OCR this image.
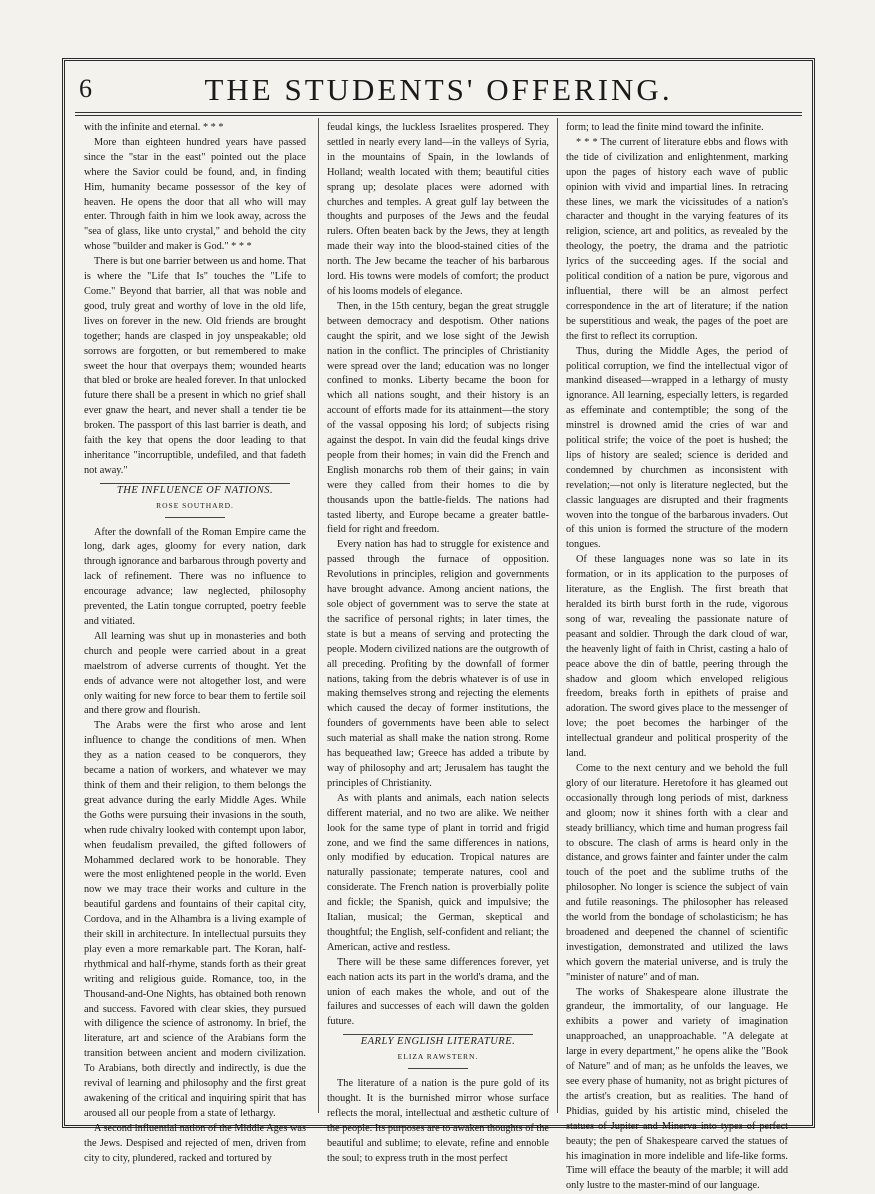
6	THE STUDENTS' OFFERING.

with the infinite and eternal. * * *

More than eighteen hundred years have passed since the "star in the east" pointed out the place where the Savior could be found, and, in finding Him, humanity became possessor of the key of heaven. He opens the door that all who will may enter. Through faith in him we look away, across the "sea of glass, like unto crystal," and behold the city whose "builder and maker is God." * * *

There is but one barrier between us and home. That is where the "Life that Is" touches the "Life to Come." Beyond that barrier, all that was noble and good, truly great and worthy of love in the old life, lives on forever in the new. Old friends are brought together; hands are clasped in joy unspeakable; old sorrows are forgotten, or but remembered to make sweet the hour that overpays them; wounded hearts that bled or broke are healed forever. In that unlocked future there shall be a present in which no grief shall ever gnaw the heart, and never shall a tender tie be broken. The passport of this last barrier is death, and faith the key that opens the door leading to that inheritance "incorruptible, undefiled, and that fadeth not away."

THE INFLUENCE OF NATIONS.

ROSE SOUTHARD.

After the downfall of the Roman Empire came the long, dark ages, gloomy for every nation, dark through ignorance and barbarous through poverty and lack of refinement. There was no influence to encourage advance; law neglected, philosophy prevented, the Latin tongue corrupted, poetry feeble and vitiated.

All learning was shut up in monasteries and both church and people were carried about in a great maelstrom of adverse currents of thought. Yet the ends of advance were not altogether lost, and were only waiting for new force to bear them to fertile soil and there grow and flourish.

The Arabs were the first who arose and lent influence to change the conditions of men. When they as a nation ceased to be conquerors, they became a nation of workers, and whatever we may think of them and their religion, to them belongs the great advance during the early Middle Ages. While the Goths were pursuing their invasions in the south, when rude chivalry looked with contempt upon labor, when feudalism prevailed, the gifted followers of Mohammed declared work to be honorable. They were the most enlightened people in the world. Even now we may trace their works and culture in the beautiful gardens and fountains of their capital city, Cordova, and in the Alhambra is a living example of their skill in architecture. In intellectual pursuits they play even a more remarkable part. The Koran, half-rhythmical and half-rhyme, stands forth as their great writing and religious guide. Romance, too, in the Thousand-and-One Nights, has obtained both renown and success. Favored with clear skies, they pursued with diligence the science of astronomy. In brief, the literature, art and science of the Arabians form the transition between ancient and modern civilization. To Arabians, both directly and indirectly, is due the revival of learning and philosophy and the first great awakening of the critical and inquiring spirit that has aroused all our people from a state of lethargy.

A second influential nation of the Middle Ages was the Jews. Despised and rejected of men, driven from city to city, plundered, racked and tortured by

feudal kings, the luckless Israelites prospered. They settled in nearly every land—in the valleys of Syria, in the mountains of Spain, in the lowlands of Holland; wealth located with them; beautiful cities sprang up; desolate places were adorned with churches and temples. A great gulf lay between the thoughts and purposes of the Jews and the feudal rulers. Often beaten back by the Jews, they at length made their way into the blood-stained cities of the north. The Jew became the teacher of his barbarous lord. His towns were models of comfort; the product of his looms models of elegance.

Then, in the 15th century, began the great struggle between democracy and despotism. Other nations caught the spirit, and we lose sight of the Jewish nation in the conflict. The principles of Christianity were spread over the land; education was no longer confined to monks. Liberty became the boon for which all nations sought, and their history is an account of efforts made for its attainment—the story of the vassal opposing his lord; of subjects rising against the despot. In vain did the feudal kings drive people from their homes; in vain did the French and English monarchs rob them of their gains; in vain were they called from their homes to die by thousands upon the battle-fields. The nations had tasted liberty, and Europe became a greater battle-field for right and freedom.

Every nation has had to struggle for existence and passed through the furnace of opposition. Revolutions in principles, religion and governments have brought advance. Among ancient nations, the sole object of government was to serve the state at the sacrifice of personal rights; in later times, the state is but a means of serving and protecting the people. Modern civilized nations are the outgrowth of all preceding. Profiting by the downfall of former nations, taking from the debris whatever is of use in making themselves strong and rejecting the elements which caused the decay of former institutions, the founders of governments have been able to select such material as shall make the nation strong. Rome has bequeathed law; Greece has added a tribute by way of philosophy and art; Jerusalem has taught the principles of Christianity.

As with plants and animals, each nation selects different material, and no two are alike. We neither look for the same type of plant in torrid and frigid zone, and we find the same differences in nations, only modified by education. Tropical natures are naturally passionate; temperate natures, cool and considerate. The French nation is proverbially polite and fickle; the Spanish, quick and impulsive; the Italian, musical; the German, skeptical and thoughtful; the English, self-confident and reliant; the American, active and restless.

There will be these same differences forever, yet each nation acts its part in the world's drama, and the union of each makes the whole, and out of the failures and successes of each will dawn the golden future.

EARLY ENGLISH LITERATURE.

ELIZA RAWSTERN.

The literature of a nation is the pure gold of its thought. It is the burnished mirror whose surface reflects the moral, intellectual and æsthetic culture of the people. Its purposes are to awaken thoughts of the beautiful and sublime; to elevate, refine and ennoble the soul; to express truth in the most perfect

form; to lead the finite mind toward the infinite.

* * * The current of literature ebbs and flows with the tide of civilization and enlightenment, marking upon the pages of history each wave of public opinion with vivid and impartial lines. In retracing these lines, we mark the vicissitudes of a nation's character and thought in the varying features of its religion, science, art and politics, as revealed by the theology, the poetry, the drama and the patriotic lyrics of the succeeding ages. If the social and political condition of a nation be pure, vigorous and influential, there will be an almost perfect correspondence in the art of literature; if the nation be superstitious and weak, the pages of the poet are the first to reflect its corruption.

Thus, during the Middle Ages, the period of political corruption, we find the intellectual vigor of mankind diseased—wrapped in a lethargy of musty ignorance. All learning, especially letters, is regarded as effeminate and contemptible; the song of the minstrel is drowned amid the cries of war and political strife; the voice of the poet is hushed; the lips of history are sealed; science is derided and condemned by churchmen as inconsistent with revelation;—not only is literature neglected, but the classic languages are disrupted and their fragments woven into the tongue of the barbarous invaders. Out of this union is formed the structure of the modern tongues.

Of these languages none was so late in its formation, or in its application to the purposes of literature, as the English. The first breath that heralded its birth burst forth in the rude, vigorous song of war, revealing the passionate nature of peasant and soldier. Through the dark cloud of war, the heavenly light of faith in Christ, casting a halo of peace above the din of battle, peering through the shadow and gloom which enveloped religious freedom, breaks forth in epithets of praise and adoration. The sword gives place to the messenger of love; the poet becomes the harbinger of the intellectual grandeur and political prosperity of the land.

Come to the next century and we behold the full glory of our literature. Heretofore it has gleamed out occasionally through long periods of mist, darkness and gloom; now it shines forth with a clear and steady brilliancy, which time and human progress fail to obscure. The clash of arms is heard only in the distance, and grows fainter and fainter under the calm touch of the poet and the sublime truths of the philosopher. No longer is science the subject of vain and futile reasonings. The philosopher has released the world from the bondage of scholasticism; he has broadened and deepened the channel of scientific investigation, demonstrated and utilized the laws which govern the material universe, and is truly the "minister of nature" and of man.

The works of Shakespeare alone illustrate the grandeur, the immortality, of our language. He exhibits a power and variety of imagination unapproached, an unapproachable. "A delegate at large in every department," he opens alike the "Book of Nature" and of man; as he unfolds the leaves, we see every phase of humanity, not as bright pictures of the artist's creation, but as realities. The hand of Phidias, guided by his artistic mind, chiseled the statues of Jupiter and Minerva into types of perfect beauty; the pen of Shakespeare carved the statues of his imagination in more indelible and life-like forms. Time will efface the beauty of the marble; it will add only lustre to the master-mind of our language.
